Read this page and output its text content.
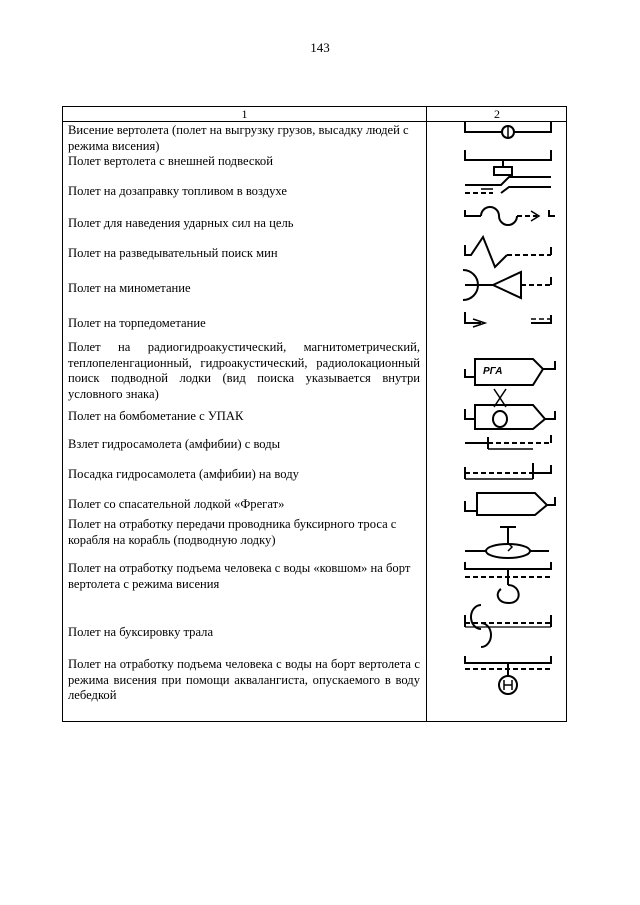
143
1	2
Висение вертолета (полет на выгрузку грузов, высадку людей с режима висения)
Полет вертолета с внешней подвеской
Полет на дозаправку топливом в воздухе
Полет для наведения ударных сил на цель
Полет на разведывательный поиск мин
Полет на минометание
Полет на торпедометание
Полет на радиогидроакустический, магнитометрический, теплопеленгационный, гидроакустический, радиолокационный поиск подводной лодки (вид поиска указывается внутри условного знака)
Полет на бомбометание с УПАК
Взлет гидросамолета (амфибии) с воды
Посадка гидросамолета (амфибии) на воду
Полет со спасательной лодкой «Фрегат»
Полет на отработку передачи проводника буксирного троса с корабля на корабль (подводную лодку)
Полет на отработку подъема человека с воды «ковшом» на борт вертолета с режима висения
Полет на буксировку трала
Полет на отработку подъема человека с воды на борт вертолета с режима висения при помощи аквалангиста, опускаемого в воду лебедкой
РГА
